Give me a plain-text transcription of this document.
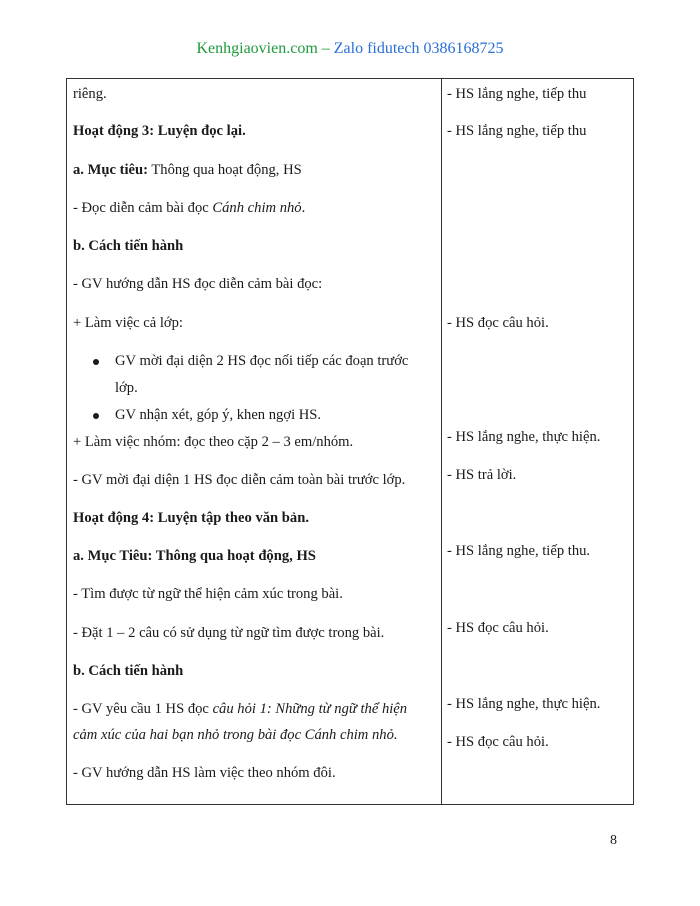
Kenhgiaovien.com – Zalo fidutech 0386168725
riêng.
Hoạt động 3: Luyện đọc lại.
a. Mục tiêu: Thông qua hoạt động, HS
- Đọc diễn cảm bài đọc Cánh chim nhỏ.
b. Cách tiến hành
- GV hướng dẫn HS đọc diễn cảm bài đọc:
+ Làm việc cả lớp:
GV mời đại diện 2 HS đọc nối tiếp các đoạn trước
lớp.
GV nhận xét, góp ý, khen ngợi HS.
+ Làm việc nhóm: đọc theo cặp 2 – 3 em/nhóm.
- GV mời đại diện 1 HS đọc diễn cảm toàn bài trước lớp.
Hoạt động 4: Luyện tập theo văn bản.
a. Mục Tiêu: Thông qua hoạt động, HS
- Tìm được từ ngữ thể hiện cảm xúc trong bài.
- Đặt 1 – 2 câu có sử dụng từ ngữ tìm được trong bài.
b. Cách tiến hành
- GV yêu cầu 1 HS đọc câu hỏi 1: Những từ ngữ thể hiện
cảm xúc của hai bạn nhỏ trong bài đọc Cánh chim nhỏ.
- GV hướng dẫn HS làm việc theo nhóm đôi.
- HS lắng nghe, tiếp thu
- HS lắng nghe, tiếp thu
- HS đọc câu hỏi.
- HS lắng nghe, thực hiện.
- HS trả lời.
- HS lắng nghe, tiếp thu.
- HS đọc câu hỏi.
- HS lắng nghe, thực hiện.
- HS đọc câu hỏi.
8
